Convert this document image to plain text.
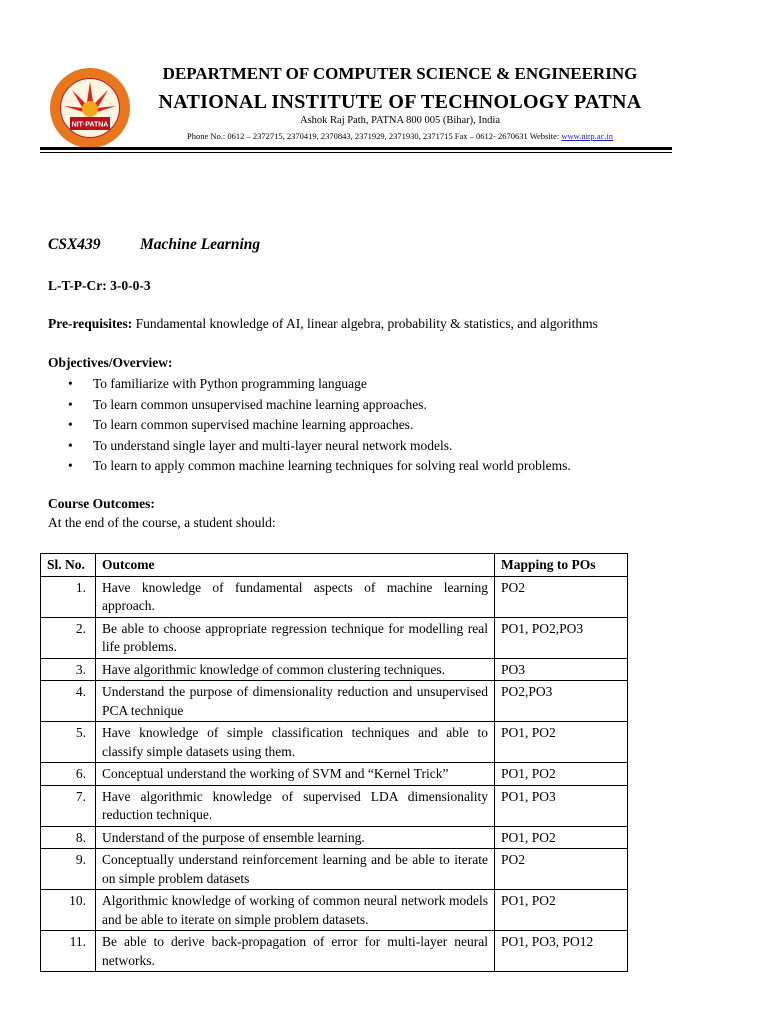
NIT·PATNA
DEPARTMENT OF COMPUTER SCIENCE & ENGINEERING
NATIONAL INSTITUTE OF TECHNOLOGY PATNA
Ashok Raj Path, PATNA 800 005 (Bihar), India
Phone No.: 0612 – 2372715, 2370419, 2370843, 2371929, 2371930, 2371715 Fax – 0612- 2670631 Website: www.nitp.ac.in
CSX439	Machine Learning
L-T-P-Cr: 3-0-0-3
Pre-requisites: Fundamental knowledge of AI, linear algebra, probability & statistics, and algorithms
Objectives/Overview:
• To familiarize with Python programming language
• To learn common unsupervised machine learning approaches.
• To learn common supervised machine learning approaches.
• To understand single layer and multi-layer neural network models.
• To learn to apply common machine learning techniques for solving real world problems.
Course Outcomes:
At the end of the course, a student should:
Sl. No.	Outcome	Mapping to POs
1.	Have knowledge of fundamental aspects of machine learning approach.	PO2
2.	Be able to choose appropriate regression technique for modelling real life problems.	PO1, PO2,PO3
3.	Have algorithmic knowledge of common clustering techniques.	PO3
4.	Understand the purpose of dimensionality reduction and unsupervised PCA technique	PO2,PO3
5.	Have knowledge of simple classification techniques and able to classify simple datasets using them.	PO1, PO2
6.	Conceptual understand the working of SVM and “Kernel Trick”	PO1, PO2
7.	Have algorithmic knowledge of supervised LDA dimensionality reduction technique.	PO1, PO3
8.	Understand of the purpose of ensemble learning.	PO1, PO2
9.	Conceptually understand reinforcement learning and be able to iterate on simple problem datasets	PO2
10.	Algorithmic knowledge of working of common neural network models and be able to iterate on simple problem datasets.	PO1, PO2
11.	Be able to derive back-propagation of error for multi-layer neural networks.	PO1, PO3, PO12
